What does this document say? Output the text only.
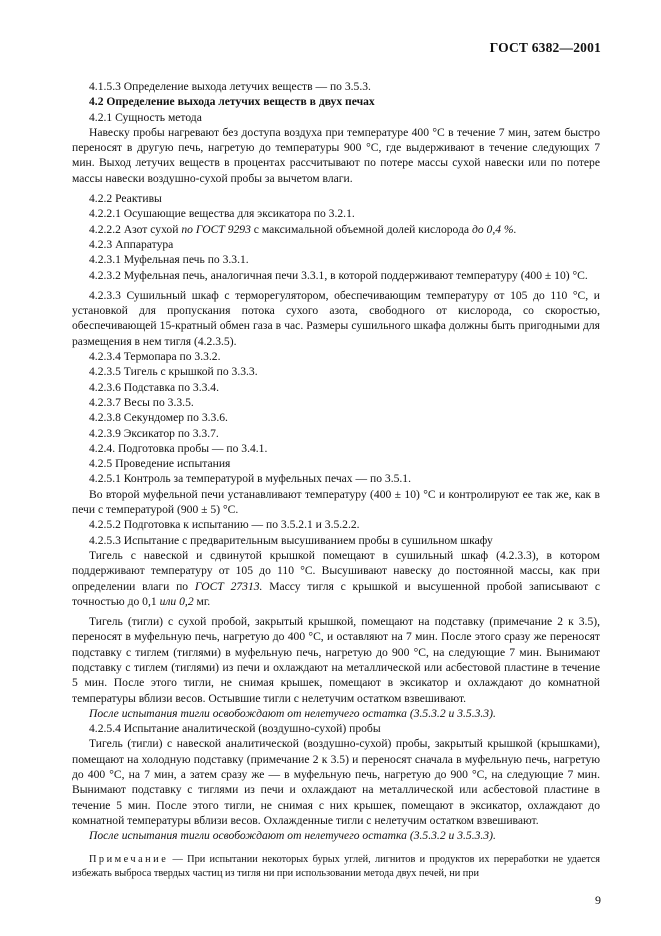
ГОСТ 6382—2001

4.1.5.3 Определение выхода летучих веществ — по 3.5.3.

4.2 Определение выхода летучих веществ в двух печах

4.2.1 Сущность метода

Навеску пробы нагревают без доступа воздуха при температуре 400 °С в течение 7 мин, затем быстро переносят в другую печь, нагретую до температуры 900 °С, где выдерживают в течение следующих 7 мин. Выход летучих веществ в процентах рассчитывают по потере массы сухой навески или по потере массы навески воздушно-сухой пробы за вычетом влаги.

4.2.2 Реактивы

4.2.2.1 Осушающие вещества для эксикатора по 3.2.1.

4.2.2.2 Азот сухой по ГОСТ 9293 с максимальной объемной долей кислорода до 0,4 %.

4.2.3 Аппаратура

4.2.3.1 Муфельная печь по 3.3.1.

4.2.3.2 Муфельная печь, аналогичная печи 3.3.1, в которой поддерживают температуру (400 ± 10) °С.

4.2.3.3 Сушильный шкаф с терморегулятором, обеспечивающим температуру от 105 до 110 °С, и установкой для пропускания потока сухого азота, свободного от кислорода, со скоростью, обеспечивающей 15-кратный обмен газа в час. Размеры сушильного шкафа должны быть пригодными для размещения в нем тигля (4.2.3.5).

4.2.3.4 Термопара по 3.3.2.

4.2.3.5 Тигель с крышкой по 3.3.3.

4.2.3.6 Подставка по 3.3.4.

4.2.3.7 Весы по 3.3.5.

4.2.3.8 Секундомер по 3.3.6.

4.2.3.9 Эксикатор по 3.3.7.

4.2.4. Подготовка пробы — по 3.4.1.

4.2.5 Проведение испытания

4.2.5.1 Контроль за температурой в муфельных печах — по 3.5.1.

Во второй муфельной печи устанавливают температуру (400 ± 10) °С и контролируют ее так же, как в печи с температурой (900 ± 5) °С.

4.2.5.2 Подготовка к испытанию — по 3.5.2.1 и 3.5.2.2.

4.2.5.3 Испытание с предварительным высушиванием пробы в сушильном шкафу

Тигель с навеской и сдвинутой крышкой помещают в сушильный шкаф (4.2.3.3), в котором поддерживают температуру от 105 до 110 °С. Высушивают навеску до постоянной массы, как при определении влаги по ГОСТ 27313. Массу тигля с крышкой и высушенной пробой записывают с точностью до 0,1 или 0,2 мг.

Тигель (тигли) с сухой пробой, закрытый крышкой, помещают на подставку (примечание 2 к 3.5), переносят в муфельную печь, нагретую до 400 °С, и оставляют на 7 мин. После этого сразу же переносят подставку с тиглем (тиглями) в муфельную печь, нагретую до 900 °С, на следующие 7 мин. Вынимают подставку с тиглем (тиглями) из печи и охлаждают на металлической или асбестовой пластине в течение 5 мин. После этого тигли, не снимая крышек, помещают в эксикатор и охлаждают до комнатной температуры вблизи весов. Остывшие тигли с нелетучим остатком взвешивают.

После испытания тигли освобождают от нелетучего остатка (3.5.3.2 и 3.5.3.3).

4.2.5.4 Испытание аналитической (воздушно-сухой) пробы

Тигель (тигли) с навеской аналитической (воздушно-сухой) пробы, закрытый крышкой (крышками), помещают на холодную подставку (примечание 2 к 3.5) и переносят сначала в муфельную печь, нагретую до 400 °С, на 7 мин, а затем сразу же — в муфельную печь, нагретую до 900 °С, на следующие 7 мин. Вынимают подставку с тиглями из печи и охлаждают на металлической или асбестовой пластине в течение 5 мин. После этого тигли, не снимая с них крышек, помещают в эксикатор, охлаждают до комнатной температуры вблизи весов. Охлажденные тигли с нелетучим остатком взвешивают.

После испытания тигли освобождают от нелетучего остатка (3.5.3.2 и 3.5.3.3).

Примечание — При испытании некоторых бурых углей, лигнитов и продуктов их переработки не удается избежать выброса твердых частиц из тигля ни при использовании метода двух печей, ни при

9
